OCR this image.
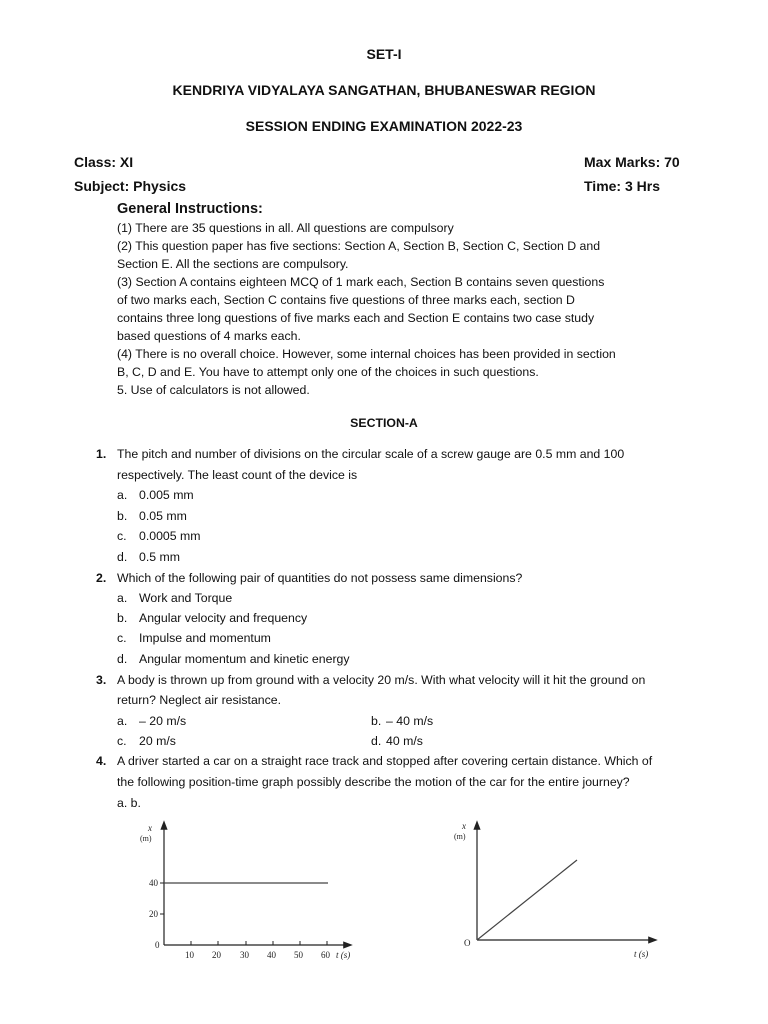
SET-I
KENDRIYA VIDYALAYA SANGATHAN, BHUBANESWAR REGION
SESSION ENDING EXAMINATION 2022-23
Class: XI	Max Marks: 70
Subject: Physics	Time: 3 Hrs
General Instructions:
(1) There are 35 questions in all. All questions are compulsory
(2) This question paper has five sections: Section A, Section B, Section C, Section D and
Section E. All the sections are compulsory.
(3) Section A contains eighteen MCQ of 1 mark each, Section B contains seven questions
of two marks each, Section C contains five questions of three marks each, section D
contains three long questions of five marks each and Section E contains two case study
based questions of 4 marks each.
(4) There is no overall choice. However, some internal choices has been provided in section
B, C, D and E. You have to attempt only one of the choices in such questions.
5. Use of calculators is not allowed.
SECTION-A
1. The pitch and number of divisions on the circular scale of a screw gauge are 0.5 mm and 100
respectively. The least count of the device is
a. 0.005 mm
b. 0.05 mm
c. 0.0005 mm
d. 0.5 mm
2. Which of the following pair of quantities do not possess same dimensions?
a. Work and Torque
b. Angular velocity and frequency
c. Impulse and momentum
d. Angular momentum and kinetic energy
3. A body is thrown up from ground with a velocity 20 m/s. With what velocity will it hit the ground on
return? Neglect air resistance.
a. – 20 m/s	b. – 40 m/s
c. 20 m/s	d. 40 m/s
4. A driver started a car on a straight race track and stopped after covering certain distance. Which of
the following position-time graph possibly describe the motion of the car for the entire journey?
a. b.
x
(m)
40
20
0
10 20 30 40 50 60 t (s)
x
(m)
O
t (s)
